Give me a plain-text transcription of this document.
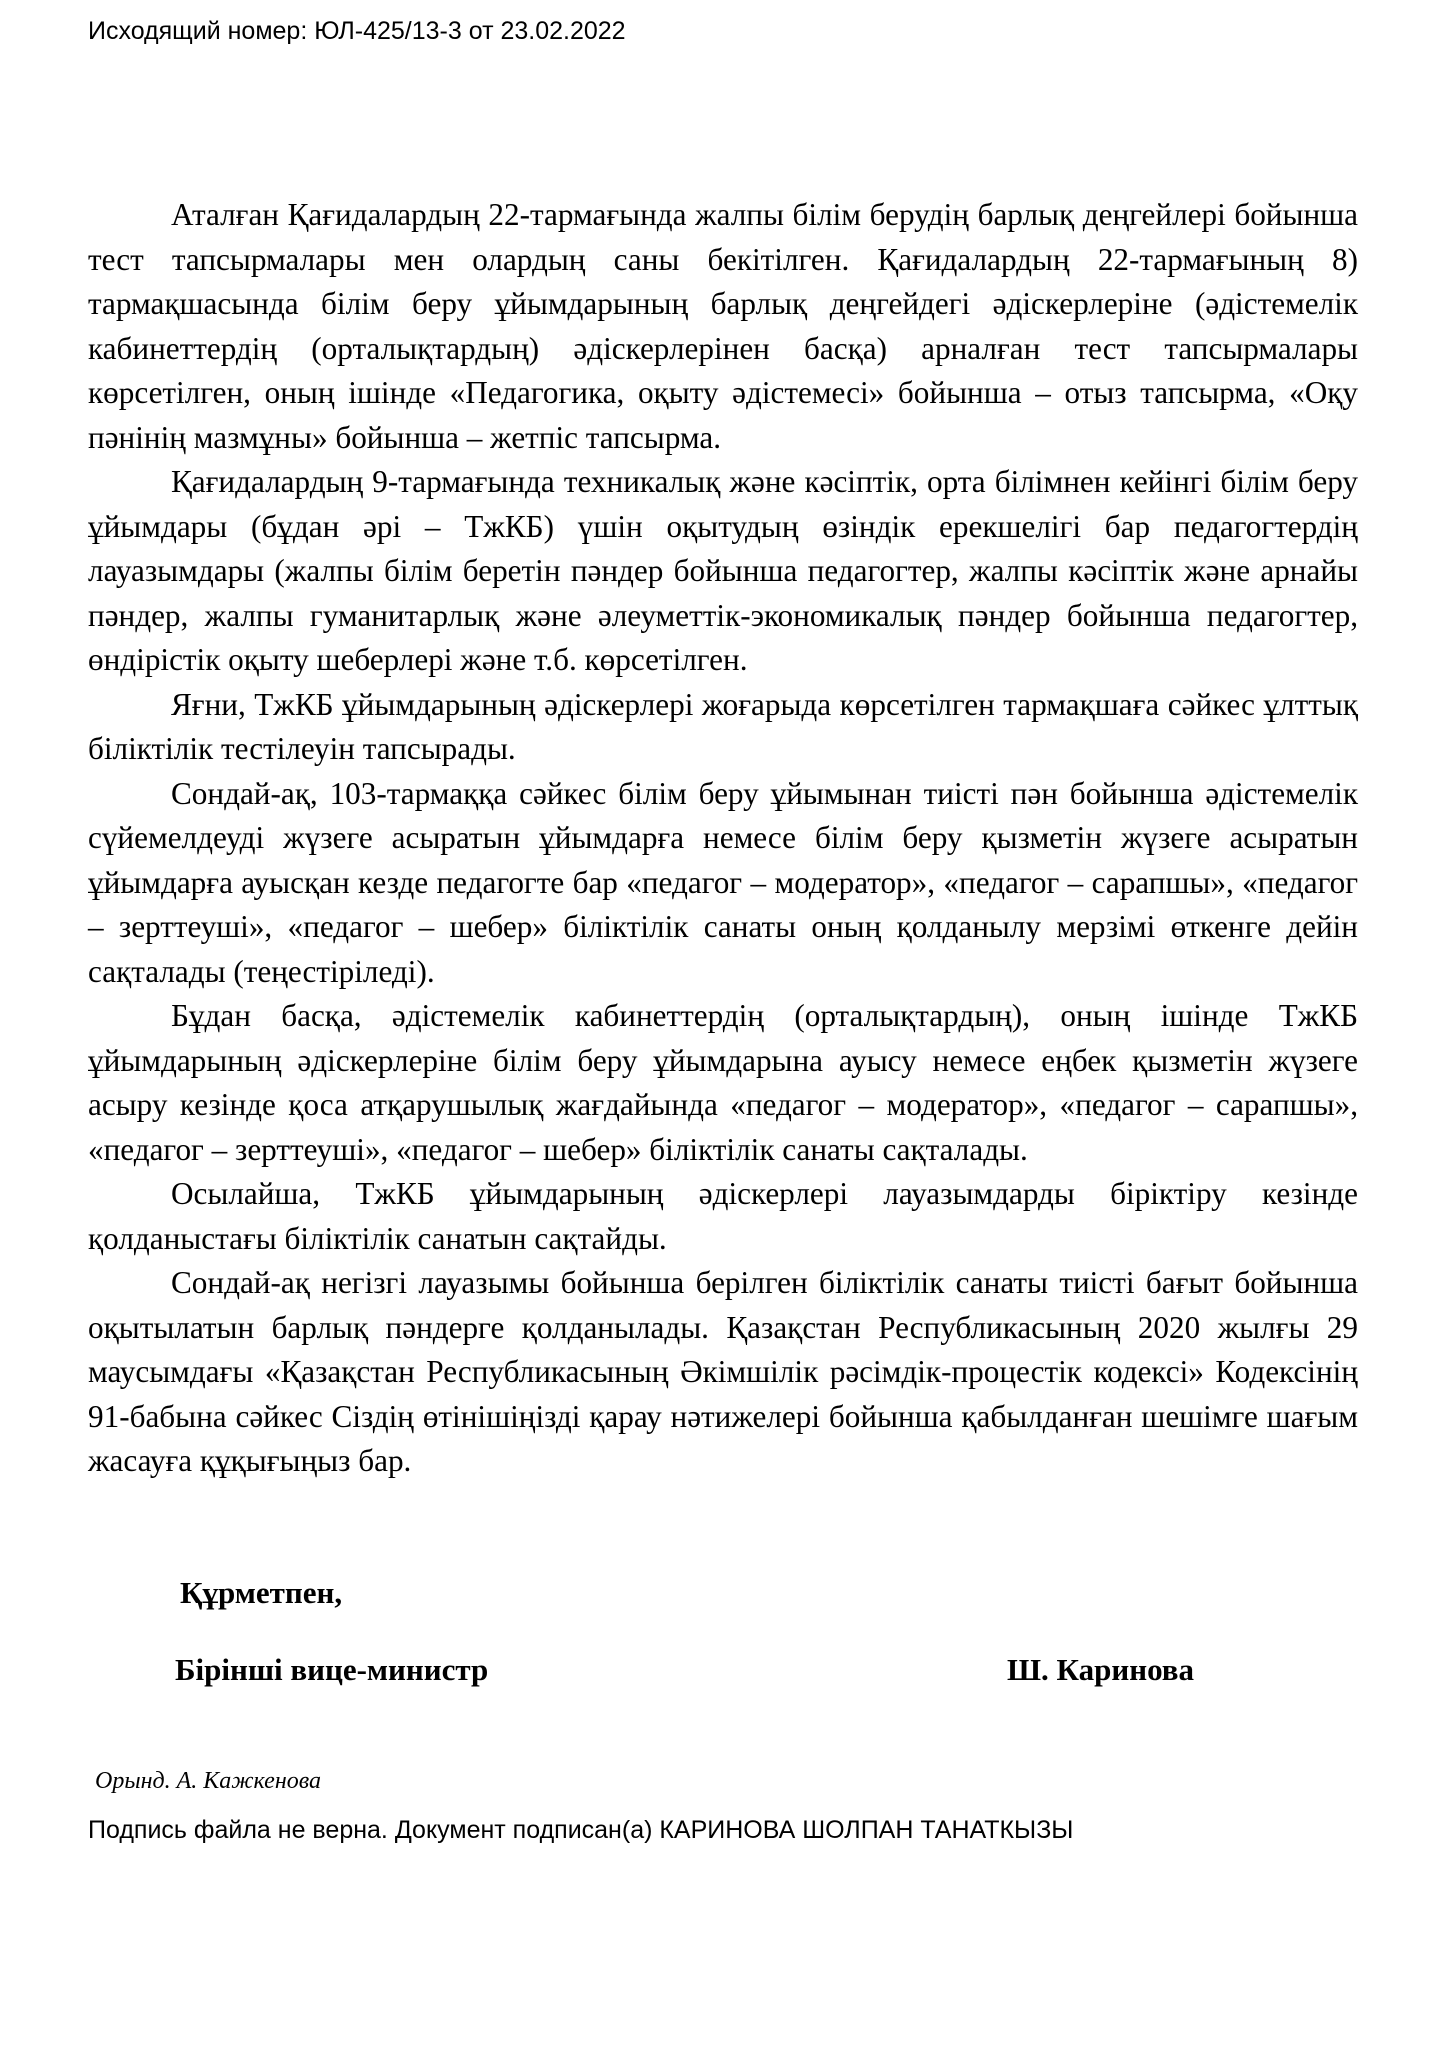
Исходящий номер: ЮЛ-425/13-3 от 23.02.2022

Аталған Қағидалардың 22-тармағында жалпы білім берудің барлық деңгейлері бойынша тест тапсырмалары мен олардың саны бекітілген. Қағидалардың 22-тармағының 8) тармақшасында білім беру ұйымдарының барлық деңгейдегі әдіскерлеріне (әдістемелік кабинеттердің (орталықтардың) әдіскерлерінен басқа) арналған тест тапсырмалары көрсетілген, оның ішінде «Педагогика, оқыту әдістемесі» бойынша – отыз тапсырма, «Оқу пәнінің мазмұны» бойынша – жетпіс тапсырма.

Қағидалардың 9-тармағында техникалық және кәсіптік, орта білімнен кейінгі білім беру ұйымдары (бұдан әрі – ТжКБ) үшін оқытудың өзіндік ерекшелігі бар педагогтердің лауазымдары (жалпы білім беретін пәндер бойынша педагогтер, жалпы кәсіптік және арнайы пәндер, жалпы гуманитарлық және әлеуметтік-экономикалық пәндер бойынша педагогтер, өндірістік оқыту шеберлері және т.б. көрсетілген.

Яғни, ТжКБ ұйымдарының әдіскерлері жоғарыда көрсетілген тармақшаға сәйкес ұлттық біліктілік тестілеуін тапсырады.

Сондай-ақ, 103-тармаққа сәйкес білім беру ұйымынан тиісті пән бойынша әдістемелік сүйемелдеуді жүзеге асыратын ұйымдарға немесе білім беру қызметін жүзеге асыратын ұйымдарға ауысқан кезде педагогте бар «педагог – модератор», «педагог – сарапшы», «педагог – зерттеуші», «педагог – шебер» біліктілік санаты оның қолданылу мерзімі өткенге дейін сақталады (теңестіріледі).

Бұдан басқа, әдістемелік кабинеттердің (орталықтардың), оның ішінде ТжКБ ұйымдарының әдіскерлеріне білім беру ұйымдарына ауысу немесе еңбек қызметін жүзеге асыру кезінде қоса атқарушылық жағдайында «педагог – модератор», «педагог – сарапшы», «педагог – зерттеуші», «педагог – шебер» біліктілік санаты сақталады.

Осылайша, ТжКБ ұйымдарының әдіскерлері лауазымдарды біріктіру кезінде қолданыстағы біліктілік санатын сақтайды.

Сондай-ақ негізгі лауазымы бойынша берілген біліктілік санаты тиісті бағыт бойынша оқытылатын барлық пәндерге қолданылады. Қазақстан Республикасының 2020 жылғы 29 маусымдағы «Қазақстан Республикасының Әкімшілік рәсімдік-процестік кодексі» Кодексінің 91-бабына сәйкес Сіздің өтінішіңізді қарау нәтижелері бойынша қабылданған шешімге шағым жасауға құқығыңыз бар.

Құрметпен,
Бірінші вице-министр	Ш. Каринова
Орынд. А. Кажкенова
Подпись файла не верна. Документ подписан(а) КАРИНОВА ШОЛПАН ТАНАТКЫЗЫ
